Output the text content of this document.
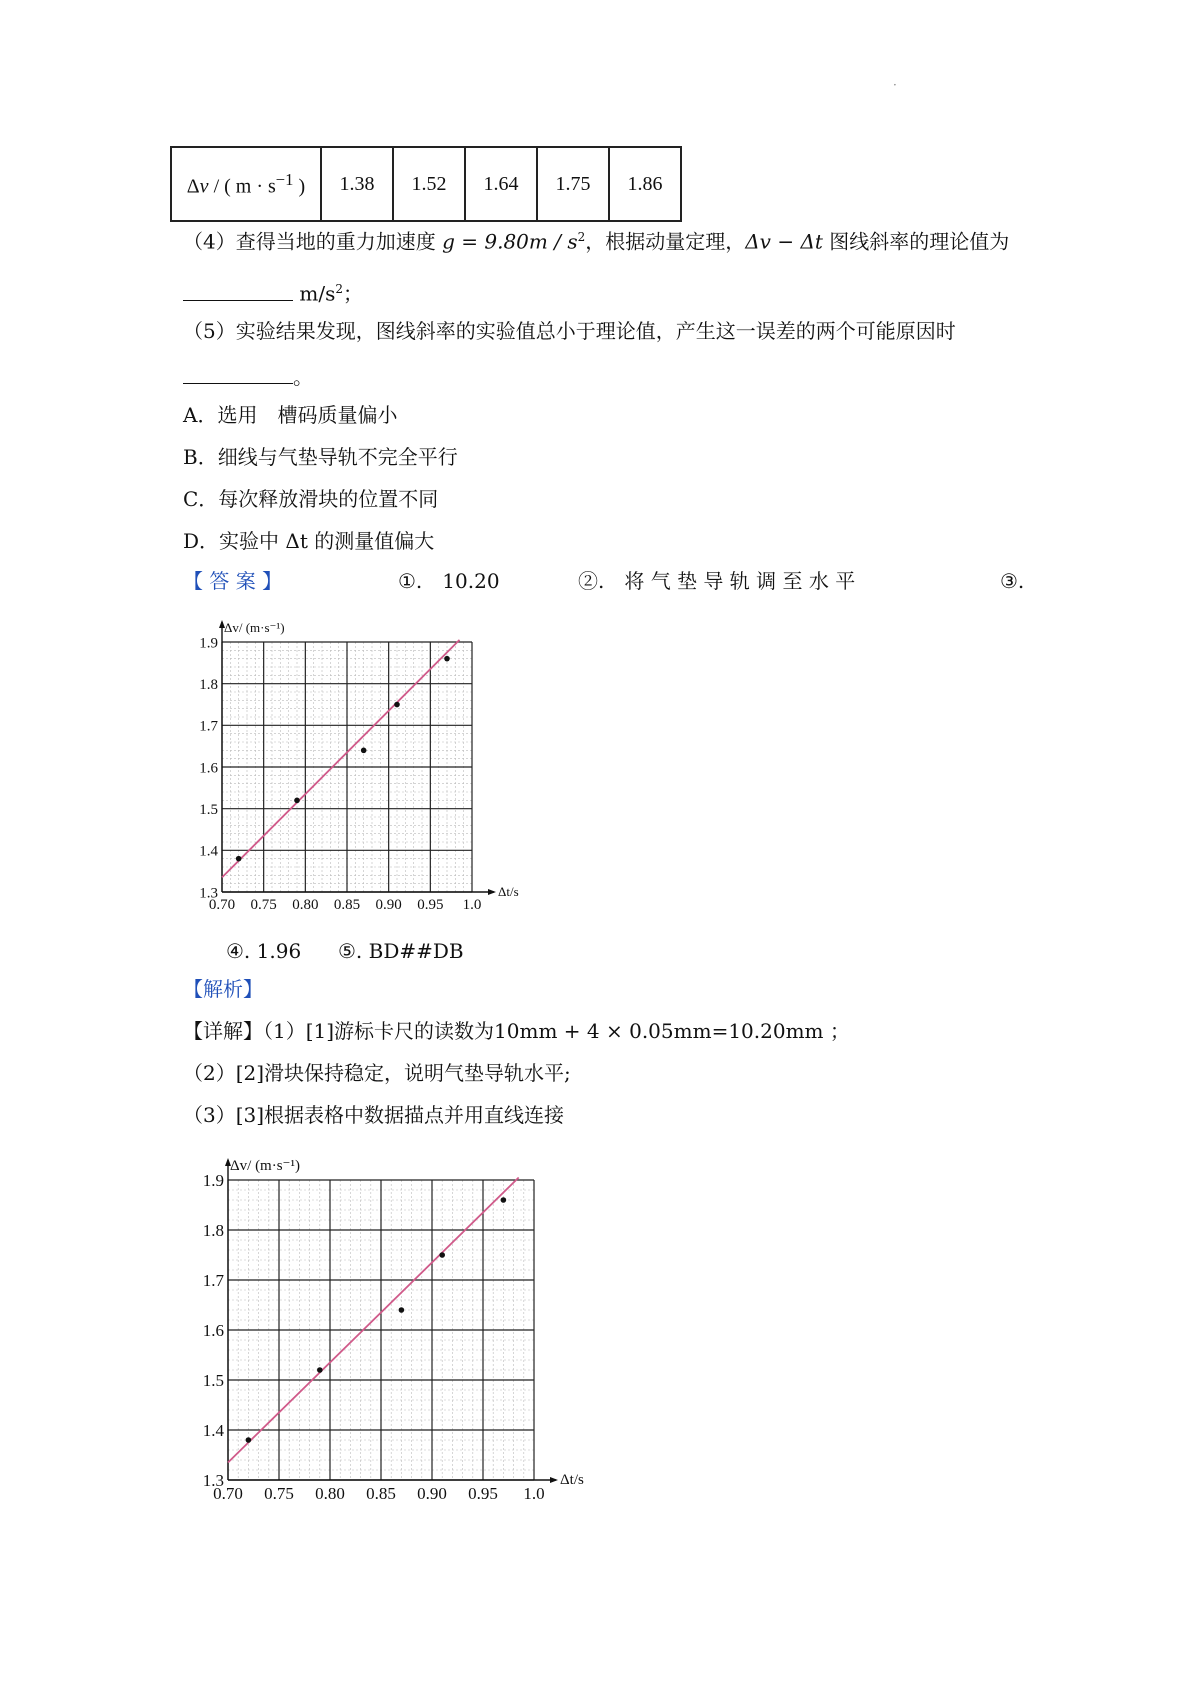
·
Δv / ( $m \cdot s^{-1}$ )	1.38	1.52	1.64	1.75	1.86
（4）查得当地的重力加速度 $g = 9.80m / s^2$，根据动量定理，Δv − Δt 图线斜率的理论值为
$m/s^2$；
（5）实验结果发现，图线斜率的实验值总小于理论值，产生这一误差的两个可能原因时
。
A．选用　槽码质量偏小
B．细线与气垫导轨不完全平行
C．每次释放滑块的位置不同
D．实验中 Δt 的测量值偏大
【 答 案 】	①.　10.20	②.　将 气 垫 导 轨 调 至 水 平	③.
0.70 0.75 0.80 0.85 0.90 0.95 1.0
1.3
1.4
1.5
1.6
1.7
1.8
1.9
Δv/ (m·s⁻¹)
Δt/s
④. 1.96 ⑤. BD##DB
【解析】
【详解】（1）[1]游标卡尺的读数为10mm + 4 × 0.05mm=10.20mm ；
（2）[2]滑块保持稳定，说明气垫导轨水平;
（3）[3]根据表格中数据描点并用直线连接
0.70 0.75 0.80 0.85 0.90 0.95 1.0
1.3
1.4
1.5
1.6
1.7
1.8
1.9
Δv/ (m·s⁻¹)
Δt/s
